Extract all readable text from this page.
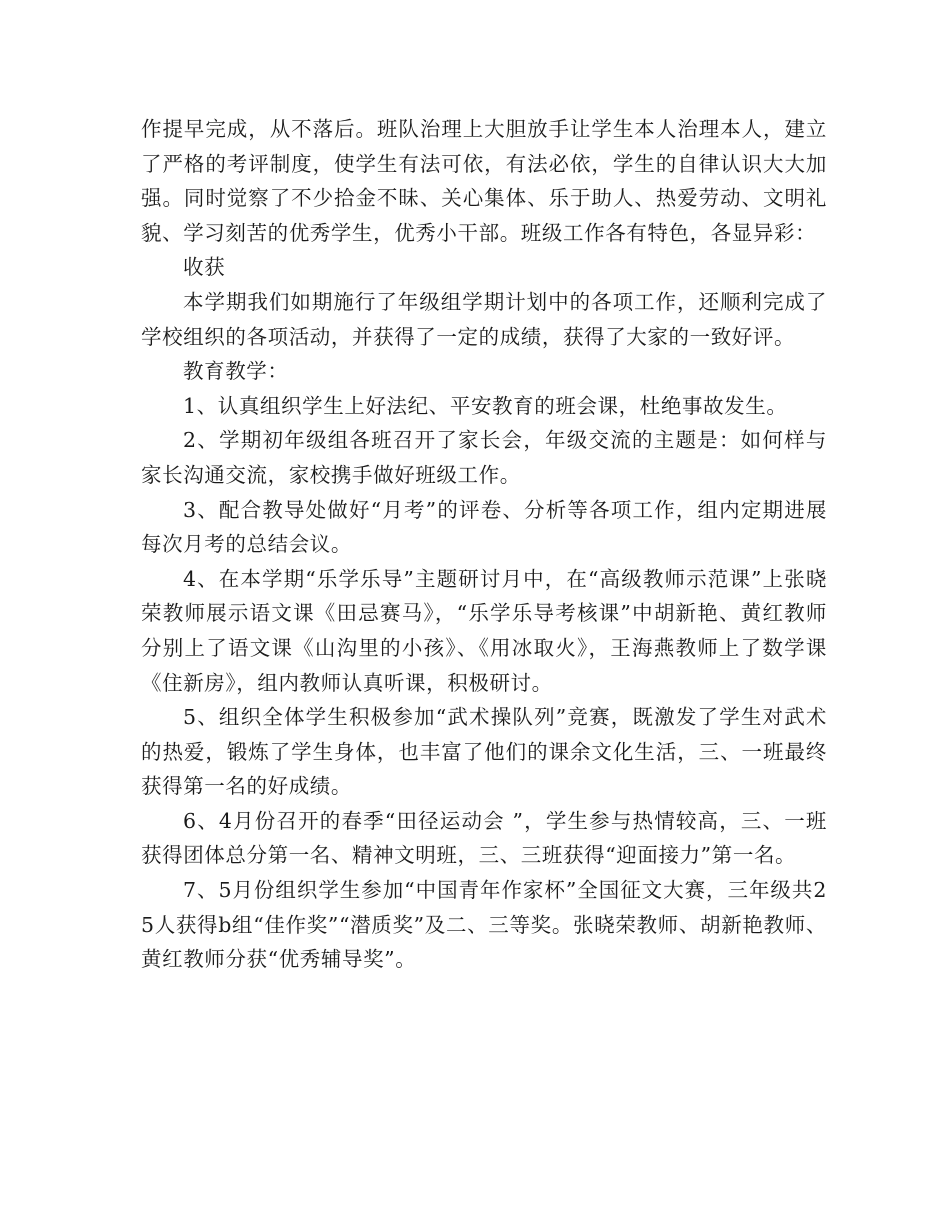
作提早完成，从不落后。班队治理上大胆放手让学生本人治理本人，建立了严格的考评制度，使学生有法可依，有法必依，学生的自律认识大大加强。同时觉察了不少拾金不昧、关心集体、乐于助人、热爱劳动、文明礼貌、学习刻苦的优秀学生，优秀小干部。班级工作各有特色，各显异彩：

收获

本学期我们如期施行了年级组学期计划中的各项工作，还顺利完成了学校组织的各项活动，并获得了一定的成绩，获得了大家的一致好评。

教育教学：

1、认真组织学生上好法纪、平安教育的班会课，杜绝事故发生。

2、学期初年级组各班召开了家长会，年级交流的主题是：如何样与家长沟通交流，家校携手做好班级工作。

3、配合教导处做好“月考”的评卷、分析等各项工作，组内定期进展每次月考的总结会议。

4、在本学期“乐学乐导”主题研讨月中，在“高级教师示范课”上张晓荣教师展示语文课《田忌赛马》，“乐学乐导考核课”中胡新艳、黄红教师分别上了语文课《山沟里的小孩》、《用冰取火》，王海燕教师上了数学课《住新房》，组内教师认真听课，积极研讨。

5、组织全体学生积极参加“武术操队列”竞赛，既激发了学生对武术的热爱，锻炼了学生身体，也丰富了他们的课余文化生活，三、一班最终获得第一名的好成绩。

6、4月份召开的春季“田径运动会 ”，学生参与热情较高，三、一班获得团体总分第一名、精神文明班，三、三班获得“迎面接力”第一名。

7、5月份组织学生参加“中国青年作家杯”全国征文大赛，三年级共25人获得b组“佳作奖”“潜质奖”及二、三等奖。张晓荣教师、胡新艳教师、黄红教师分获“优秀辅导奖”。
